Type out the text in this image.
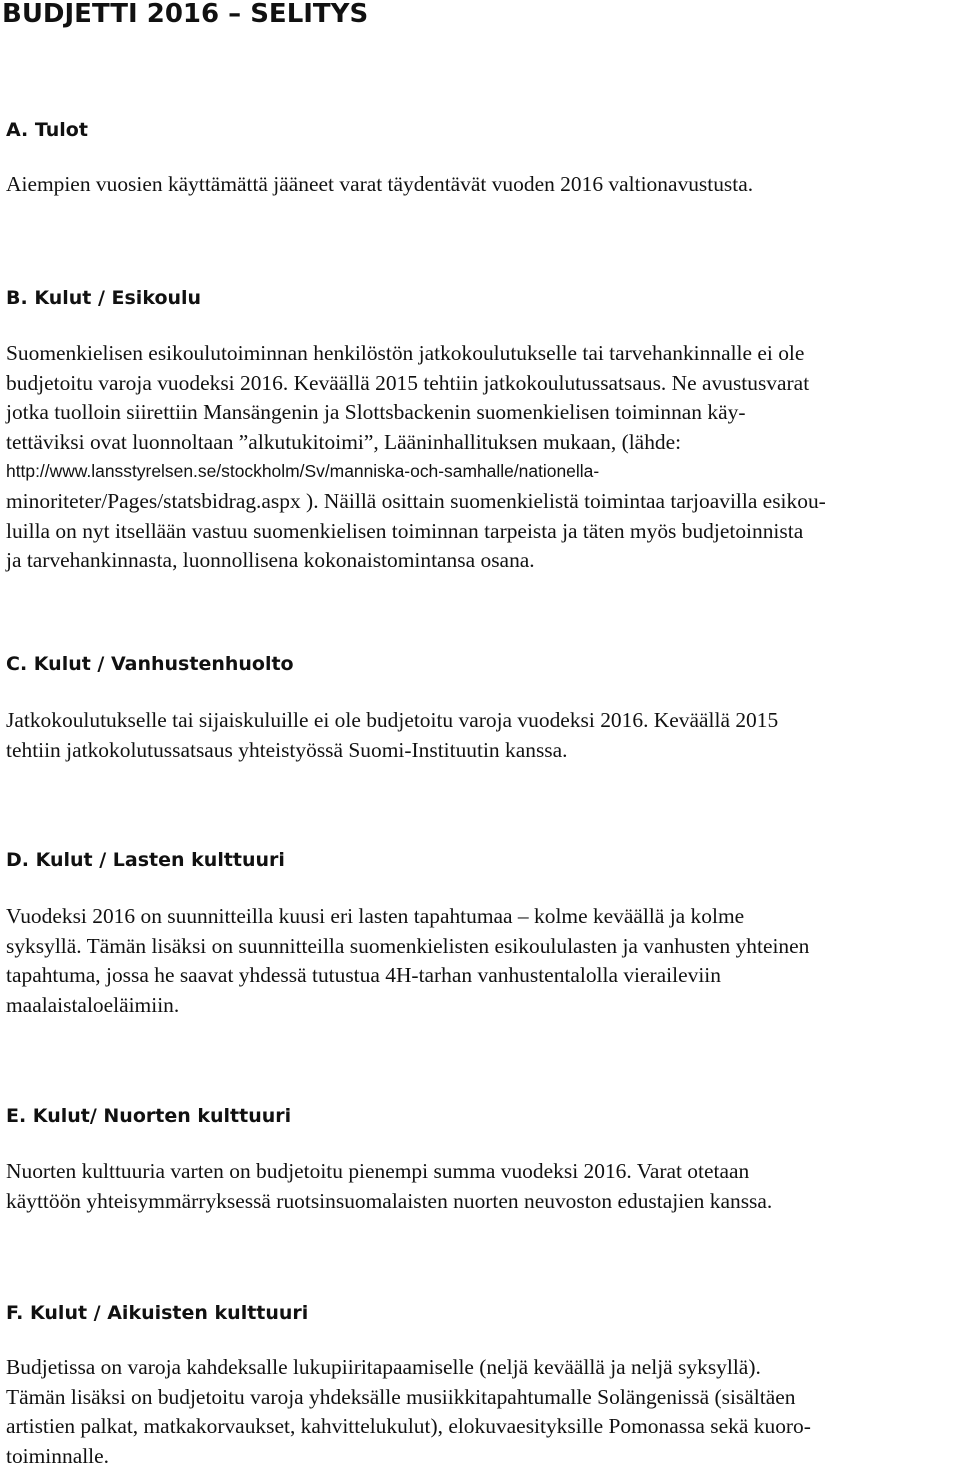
BUDJETTI 2016 – SELITYS
A. Tulot

Aiempien vuosien käyttämättä jääneet varat täydentävät vuoden 2016 valtionavustusta.

B. Kulut / Esikoulu

Suomenkielisen esikoulutoiminnan henkilöstön jatkokoulutukselle tai tarvehankinnalle ei ole
budjetoitu varoja vuodeksi 2016. Keväällä 2015 tehtiin jatkokoulutussatsaus. Ne avustusvarat
jotka tuolloin siirettiin Mansängenin ja Slottsbackenin suomenkielisen toiminnan käy-
tettäviksi ovat luonnoltaan ”alkutukitoimi”, Lääninhallituksen mukaan, (lähde:
http://www.lansstyrelsen.se/stockholm/Sv/manniska-och-samhalle/nationella-
minoriteter/Pages/statsbidrag.aspx ). Näillä osittain suomenkielistä toimintaa tarjoavilla esikou-
luilla on nyt itsellään vastuu suomenkielisen toiminnan tarpeista ja täten myös budjetoinnista
ja tarvehankinnasta, luonnollisena kokonaistomintansa osana.

C. Kulut / Vanhustenhuolto

Jatkokoulutukselle tai sijaiskuluille ei ole budjetoitu varoja vuodeksi 2016. Keväällä 2015
tehtiin jatkokolutussatsaus yhteistyössä Suomi-Instituutin kanssa.

D. Kulut / Lasten kulttuuri

Vuodeksi 2016 on suunnitteilla kuusi eri lasten tapahtumaa – kolme keväällä ja kolme
syksyllä. Tämän lisäksi on suunnitteilla suomenkielisten esikoululasten ja vanhusten yhteinen
tapahtuma, jossa he saavat yhdessä tutustua 4H-tarhan vanhustentalolla vieraileviin
maalaistaloeläimiin.

E. Kulut/ Nuorten kulttuuri

Nuorten kulttuuria varten on budjetoitu pienempi summa vuodeksi 2016. Varat otetaan
käyttöön yhteisymmärryksessä ruotsinsuomalaisten nuorten neuvoston edustajien kanssa.

F. Kulut / Aikuisten kulttuuri

Budjetissa on varoja kahdeksalle lukupiiritapaamiselle (neljä keväällä ja neljä syksyllä).
Tämän lisäksi on budjetoitu varoja yhdeksälle musiikkitapahtumalle Solängenissä (sisältäen
artistien palkat, matkakorvaukset, kahvittelukulut), elokuvaesityksille Pomonassa sekä kuoro-
toiminnalle.
